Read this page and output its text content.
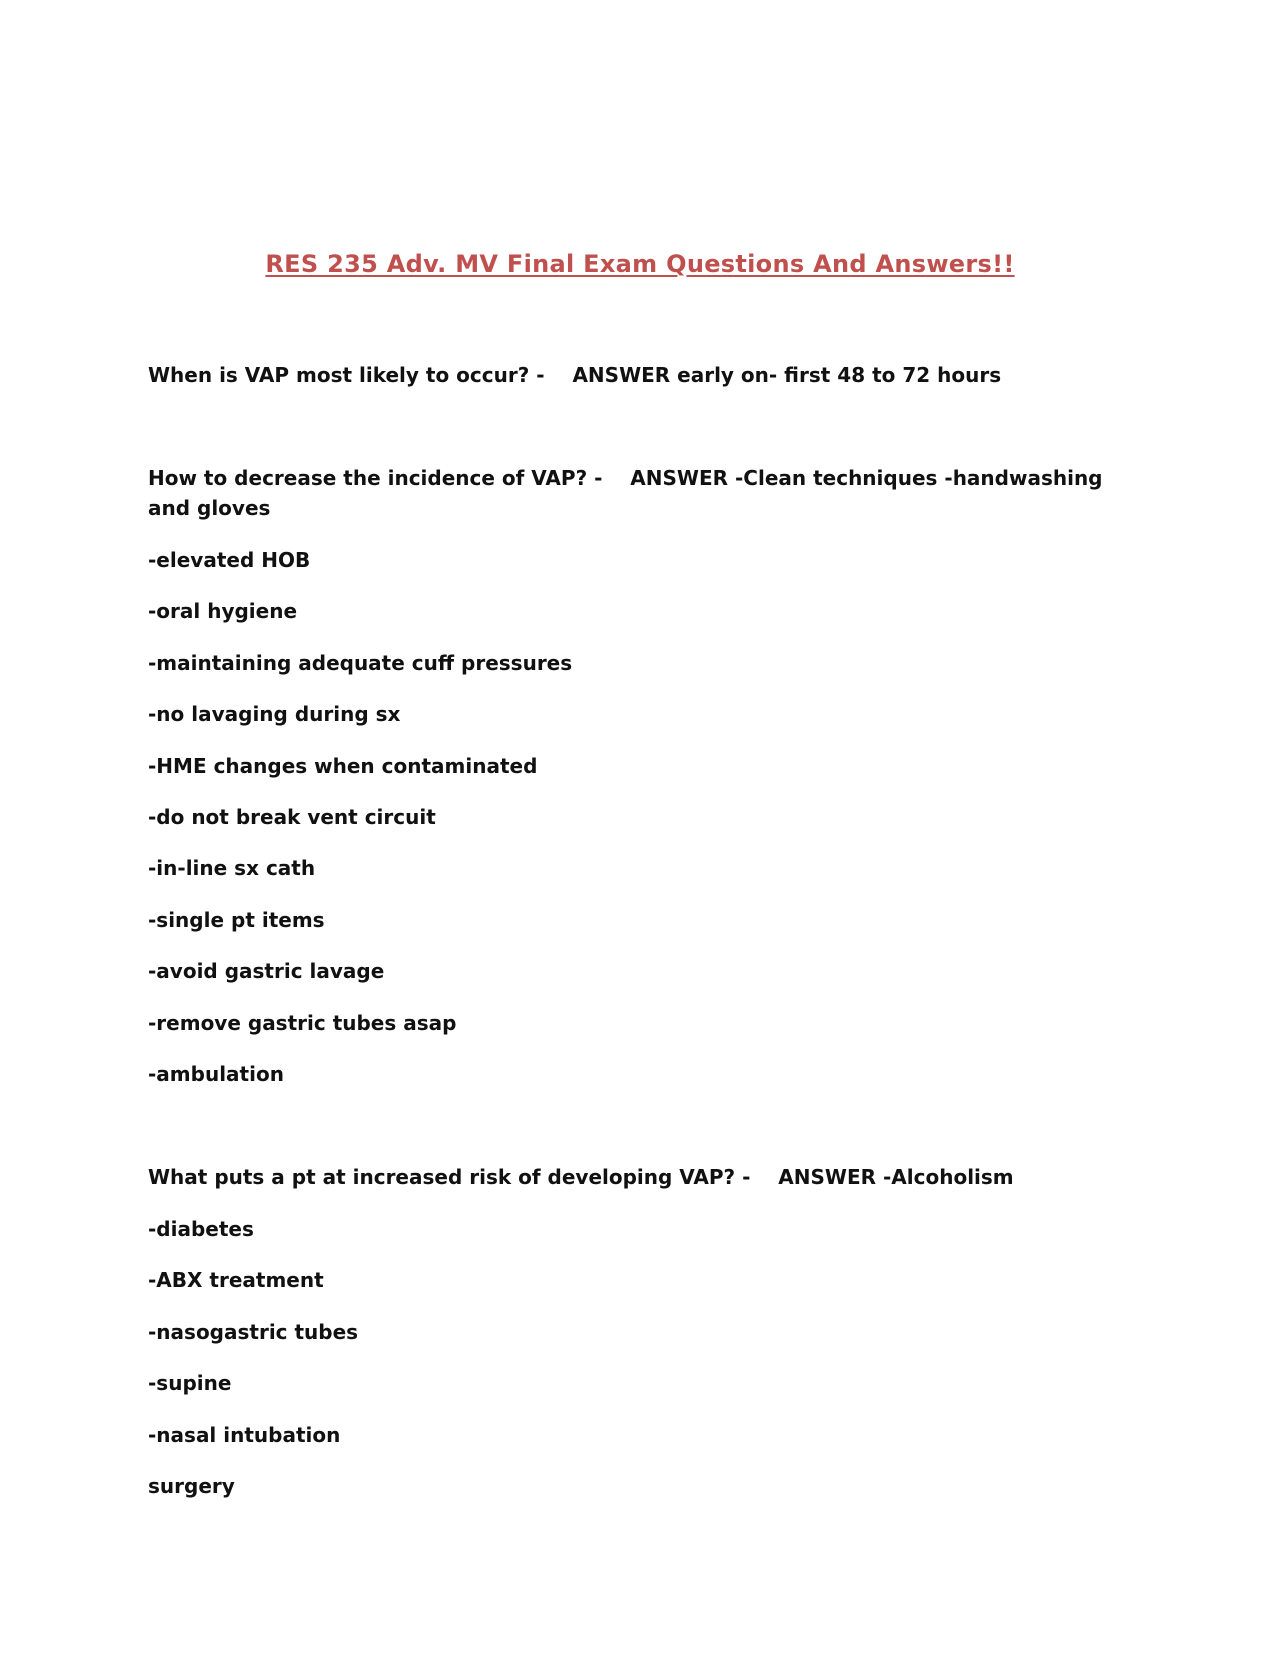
RES 235 Adv. MV Final Exam Questions And Answers!!
When is VAP most likely to occur? -    ANSWER early on- first 48 to 72 hours
How to decrease the incidence of VAP? -    ANSWER -Clean techniques -handwashing and gloves
-elevated HOB
-oral hygiene
-maintaining adequate cuff pressures
-no lavaging during sx
-HME changes when contaminated
-do not break vent circuit
-in-line sx cath
-single pt items
-avoid gastric lavage
-remove gastric tubes asap
-ambulation
What puts a pt at increased risk of developing VAP? -    ANSWER -Alcoholism
-diabetes
-ABX treatment
-nasogastric tubes
-supine
-nasal intubation
surgery
